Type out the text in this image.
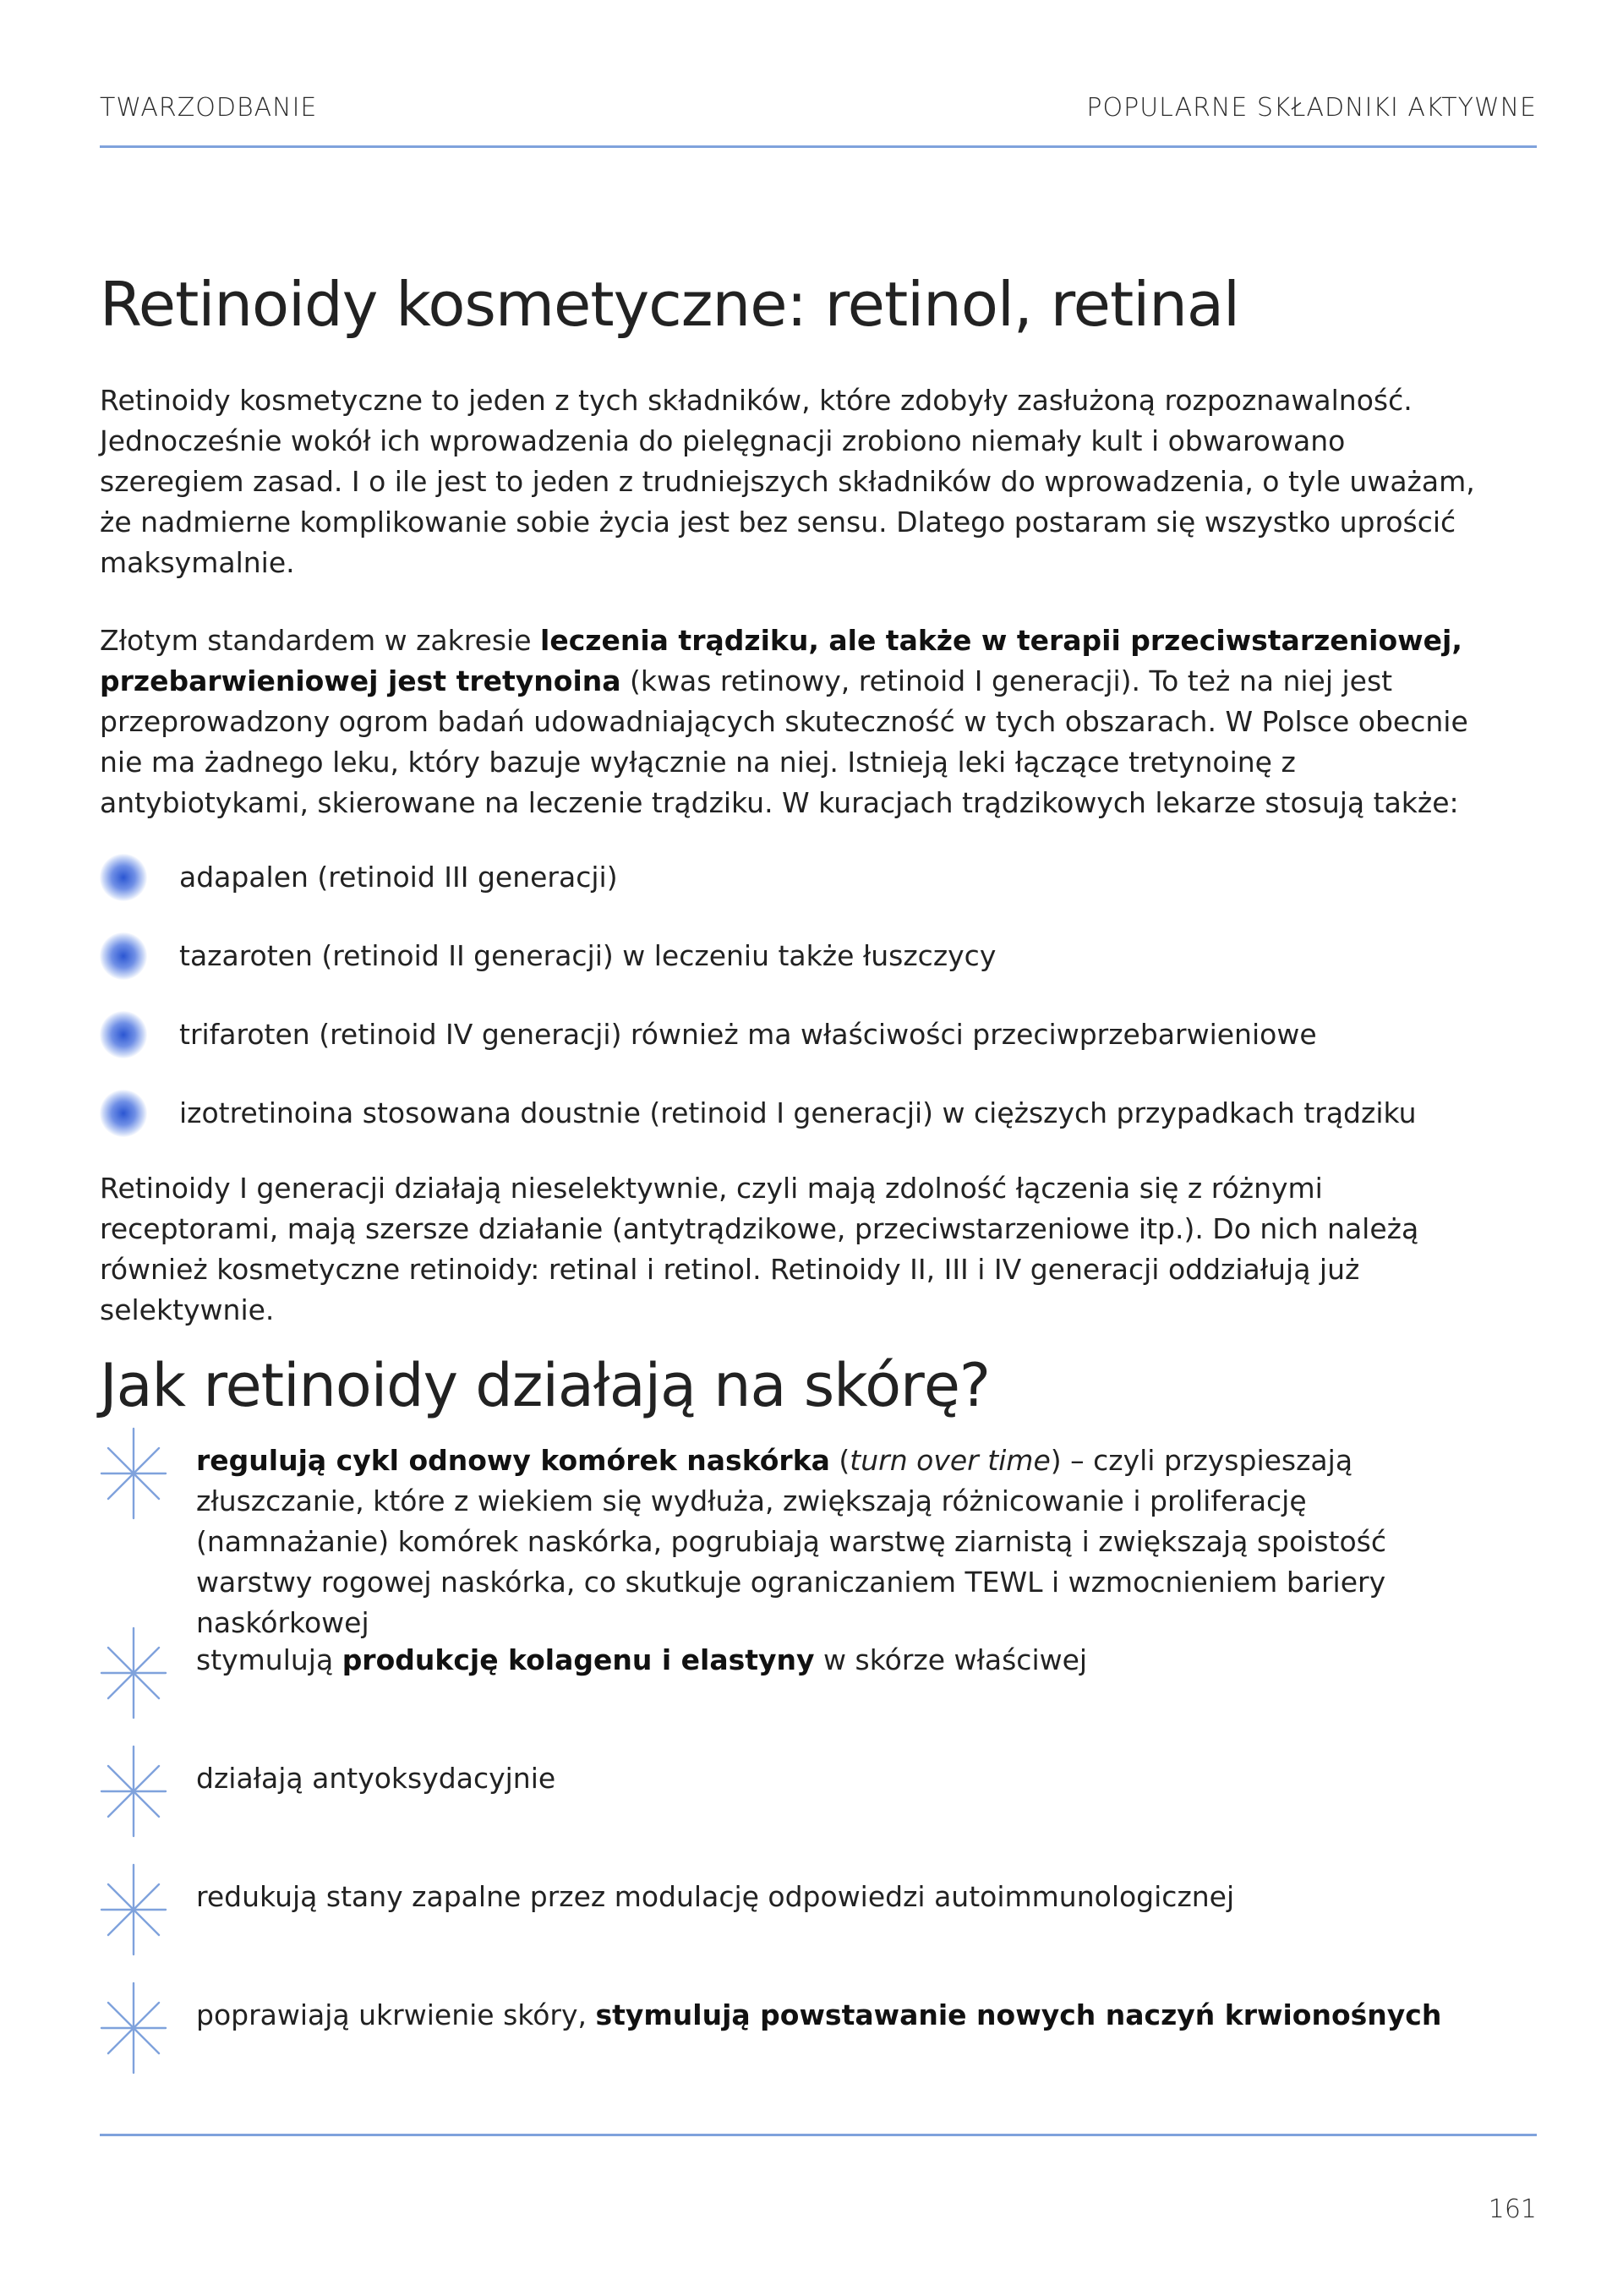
TWARZODBANIE	POPULARNE SKŁADNIKI AKTYWNE
Retinoidy kosmetyczne: retinol, retinal

Retinoidy kosmetyczne to jeden z tych składników, które zdobyły zasłużoną rozpoznawalność. Jednocześnie wokół ich wprowadzenia do pielęgnacji zrobiono niemały kult i obwarowano szeregiem zasad. I o ile jest to jeden z trudniejszych składników do wprowadzenia, o tyle uważam, że nadmierne komplikowanie sobie życia jest bez sensu. Dlatego postaram się wszystko uprościć maksymalnie.

Złotym standardem w zakresie leczenia trądziku, ale także w terapii przeciwstarzeniowej, przebarwieniowej jest tretynoina (kwas retinowy, retinoid I generacji). To też na niej jest przeprowadzony ogrom badań udowadniających skuteczność w tych obszarach. W Polsce obecnie nie ma żadnego leku, który bazuje wyłącznie na niej. Istnieją leki łączące tretynoinę z antybiotykami, skierowane na leczenie trądziku. W kuracjach trądzikowych lekarze stosują także:

adapalen (retinoid III generacji)
tazaroten (retinoid II generacji) w leczeniu także łuszczycy
trifaroten (retinoid IV generacji) również ma właściwości przeciwprzebarwieniowe
izotretinoina stosowana doustnie (retinoid I generacji) w cięższych przypadkach trądziku

Retinoidy I generacji działają nieselektywnie, czyli mają zdolność łączenia się z różnymi receptorami, mają szersze działanie (antytrądzikowe, przeciwstarzeniowe itp.). Do nich należą również kosmetyczne retinoidy: retinal i retinol. Retinoidy II, III i IV generacji oddziałują już selektywnie.

Jak retinoidy działają na skórę?
regulują cykl odnowy komórek naskórka (turn over time) – czyli przyspieszają złuszczanie, które z wiekiem się wydłuża, zwiększają różnicowanie i proliferację (namnażanie) komórek naskórka, pogrubiają warstwę ziarnistą i zwiększają spoistość warstwy rogowej naskórka, co skutkuje ograniczaniem TEWL i wzmocnieniem bariery naskórkowej
stymulują produkcję kolagenu i elastyny w skórze właściwej
działają antyoksydacyjnie
redukują stany zapalne przez modulację odpowiedzi autoimmunologicznej
poprawiają ukrwienie skóry, stymulują powstawanie nowych naczyń krwionośnych
161
